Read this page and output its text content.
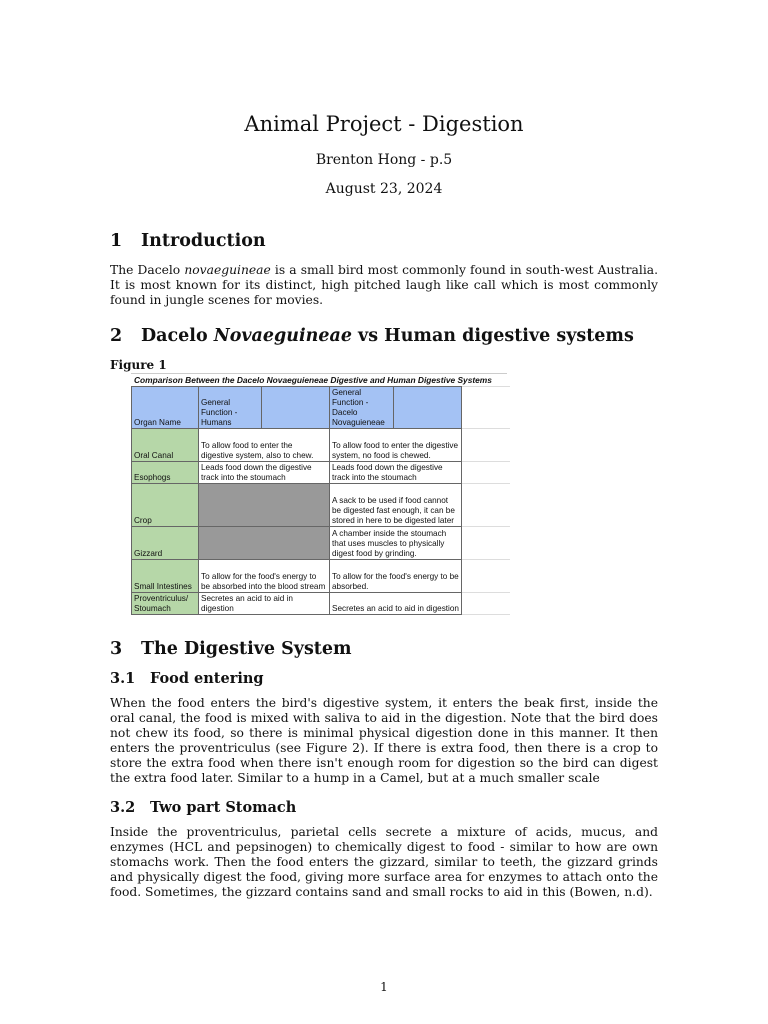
Animal Project - Digestion
Brenton Hong - p.5
August 23, 2024
1 Introduction
The Dacelo novaeguineae is a small bird most commonly found in south-west Australia. It is most known for its distinct, high pitched laugh like call which is most commonly found in jungle scenes for movies.
2 Dacelo Novaeguineae vs Human digestive systems
Figure 1
Comparison Between the Dacelo Novaeguieneae Digestive and Human Digestive Systems
Organ Name	General Function - Humans		General Function - Dacelo Novaguieneae		
Oral Canal	To allow food to enter the digestive system, also to chew.		To allow food to enter the digestive system, no food is chewed.		
Esophogs	Leads food down the digestive track into the stoumach		Leads food down the digestive track into the stoumach		
Crop			A sack to be used if food cannot be digested fast enough, it can be stored in here to be digested later		
Gizzard			A chamber inside the stoumach that uses muscles to physically digest food by grinding.		
Small Intestines	To allow for the food's energy to be absorbed into the blood stream		To allow for the food's energy to be absorbed.		
Proventriculus/ Stoumach	Secretes an acid to aid in digestion		Secretes an acid to aid in digestion		
3 The Digestive System
3.1 Food entering
When the food enters the bird's digestive system, it enters the beak first, inside the oral canal, the food is mixed with saliva to aid in the digestion. Note that the bird does not chew its food, so there is minimal physical digestion done in this manner. It then enters the proventriculus (see Figure 2). If there is extra food, then there is a crop to store the extra food when there isn't enough room for digestion so the bird can digest the extra food later. Similar to a hump in a Camel, but at a much smaller scale
3.2 Two part Stomach
Inside the proventriculus, parietal cells secrete a mixture of acids, mucus, and enzymes (HCL and pepsinogen) to chemically digest to food - similar to how are own stomachs work. Then the food enters the gizzard, similar to teeth, the gizzard grinds and physically digest the food, giving more surface area for enzymes to attach onto the food. Sometimes, the gizzard contains sand and small rocks to aid in this (Bowen, n.d).
1
